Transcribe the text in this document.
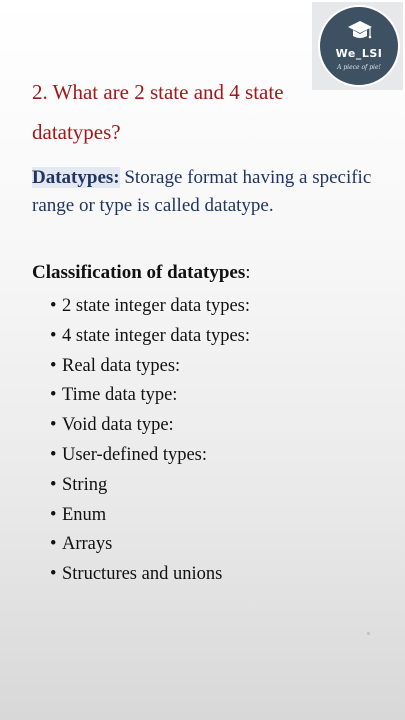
We_LSI
A piece of pie!
2. What are 2 state and 4 state datatypes?

Datatypes: Storage format having a specific range or type is called datatype.

Classification of datatypes:
• 2 state integer data types:
• 4 state integer data types:
• Real data types:
• Time data type:
• Void data type:
• User-defined types:
• String
• Enum
• Arrays
• Structures and unions
